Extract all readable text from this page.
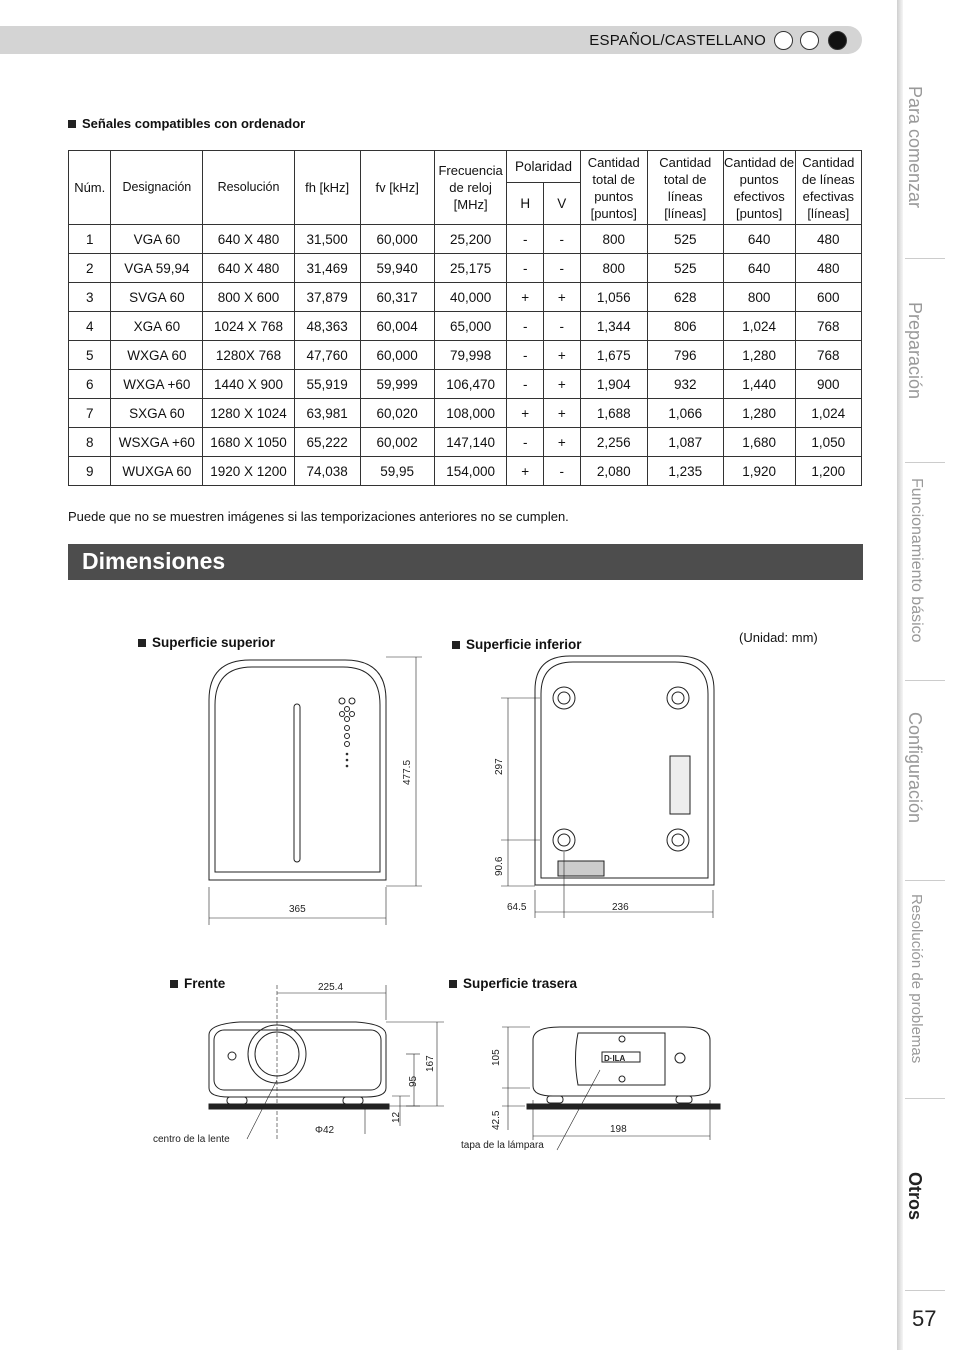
ESPAÑOL/CASTELLANO
Para comenzar
Preparación
Funcionamiento básico
Configuración
Resolución de problemas
Otros
57
Señales compatibles con ordenador
Núm.	Designación	Resolución	fh [kHz]	fv [kHz]	Frecuencia de reloj [MHz]	Polaridad		Cantidad total de puntos [puntos]	Cantidad total de líneas [líneas]	Cantidad de puntos efectivos [puntos]	Cantidad de líneas efectivas [líneas]
						H	V				
1	VGA 60	640 X 480	31,500	60,000	25,200	-	-	800	525	640	480
2	VGA 59,94	640 X 480	31,469	59,940	25,175	-	-	800	525	640	480
3	SVGA 60	800 X 600	37,879	60,317	40,000	+	+	1,056	628	800	600
4	XGA 60	1024 X 768	48,363	60,004	65,000	-	-	1,344	806	1,024	768
5	WXGA 60	1280X 768	47,760	60,000	79,998	-	+	1,675	796	1,280	768
6	WXGA +60	1440 X 900	55,919	59,999	106,470	-	+	1,904	932	1,440	900
7	SXGA 60	1280 X 1024	63,981	60,020	108,000	+	+	1,688	1,066	1,280	1,024
8	WSXGA +60	1680 X 1050	65,222	60,002	147,140	-	+	2,256	1,087	1,680	1,050
9	WUXGA 60	1920 X 1200	74,038	59,95	154,000	+	-	2,080	1,235	1,920	1,200
Puede que no se muestren imágenes si las temporizaciones anteriores no se cumplen.
Dimensiones
Superficie superior	Superficie inferior	(Unidad: mm)
Frente	Superficie trasera
365
477.5	297
90.6
64.5	236
225.4
167
95
12
Φ42
centro de la lente
105
42.5	198
tapa de la lámpara
D·ILA
